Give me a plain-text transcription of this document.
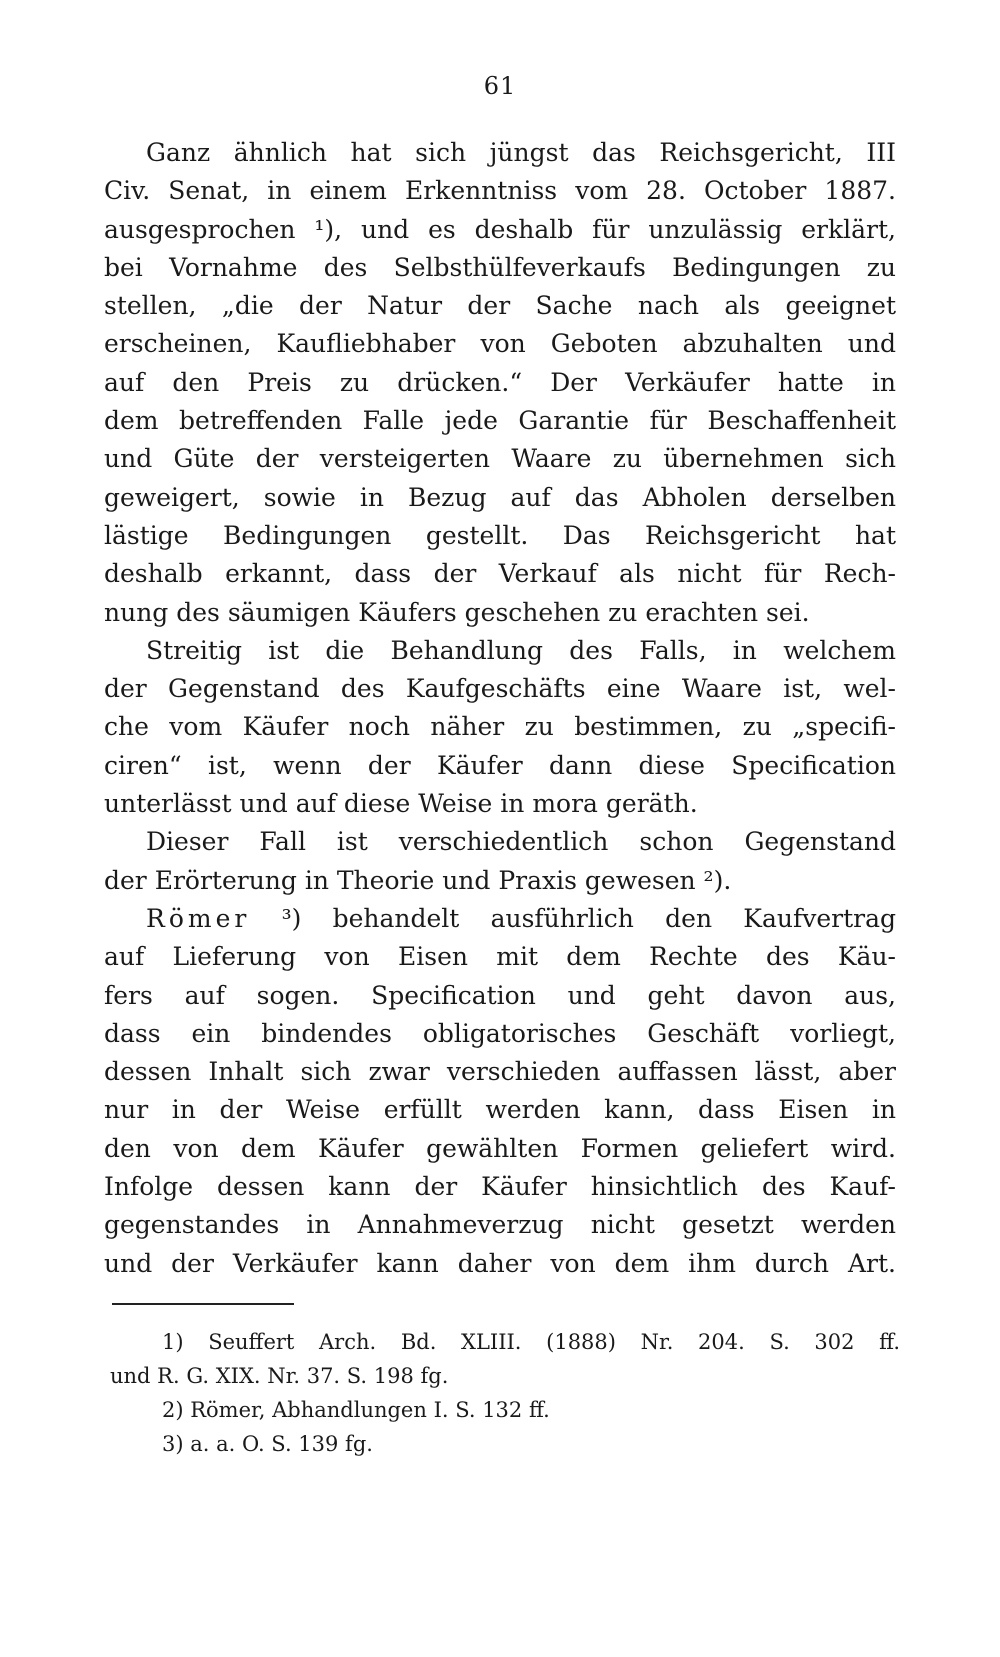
61
Ganz ähnlich hat sich jüngst das Reichsgericht, III
Civ. Senat, in einem Erkenntniss vom 28. October 1887.
ausgesprochen ¹), und es deshalb für unzulässig erklärt,
bei Vornahme des Selbsthülfeverkaufs Bedingungen zu
stellen, „die der Natur der Sache nach als geeignet
erscheinen, Kaufliebhaber von Geboten abzuhalten und
auf den Preis zu drücken.“ Der Verkäufer hatte in
dem betreffenden Falle jede Garantie für Beschaffenheit
und Güte der versteigerten Waare zu übernehmen sich
geweigert, sowie in Bezug auf das Abholen derselben
lästige Bedingungen gestellt. Das Reichsgericht hat
deshalb erkannt, dass der Verkauf als nicht für Rech-
nung des säumigen Käufers geschehen zu erachten sei.
Streitig ist die Behandlung des Falls, in welchem
der Gegenstand des Kaufgeschäfts eine Waare ist, wel-
che vom Käufer noch näher zu bestimmen, zu „specifi-
ciren“ ist, wenn der Käufer dann diese Specification
unterlässt und auf diese Weise in mora geräth.
Dieser Fall ist verschiedentlich schon Gegenstand
der Erörterung in Theorie und Praxis gewesen ²).
Römer ³) behandelt ausführlich den Kaufvertrag
auf Lieferung von Eisen mit dem Rechte des Käu-
fers auf sogen. Specification und geht davon aus,
dass ein bindendes obligatorisches Geschäft vorliegt,
dessen Inhalt sich zwar verschieden auffassen lässt, aber
nur in der Weise erfüllt werden kann, dass Eisen in
den von dem Käufer gewählten Formen geliefert wird.
Infolge dessen kann der Käufer hinsichtlich des Kauf-
gegenstandes in Annahmeverzug nicht gesetzt werden
und der Verkäufer kann daher von dem ihm durch Art.
1) Seuffert Arch. Bd. XLIII. (1888) Nr. 204. S. 302 ff.
und R. G. XIX. Nr. 37. S. 198 fg.
2) Römer, Abhandlungen I. S. 132 ff.
3) a. a. O. S. 139 fg.
